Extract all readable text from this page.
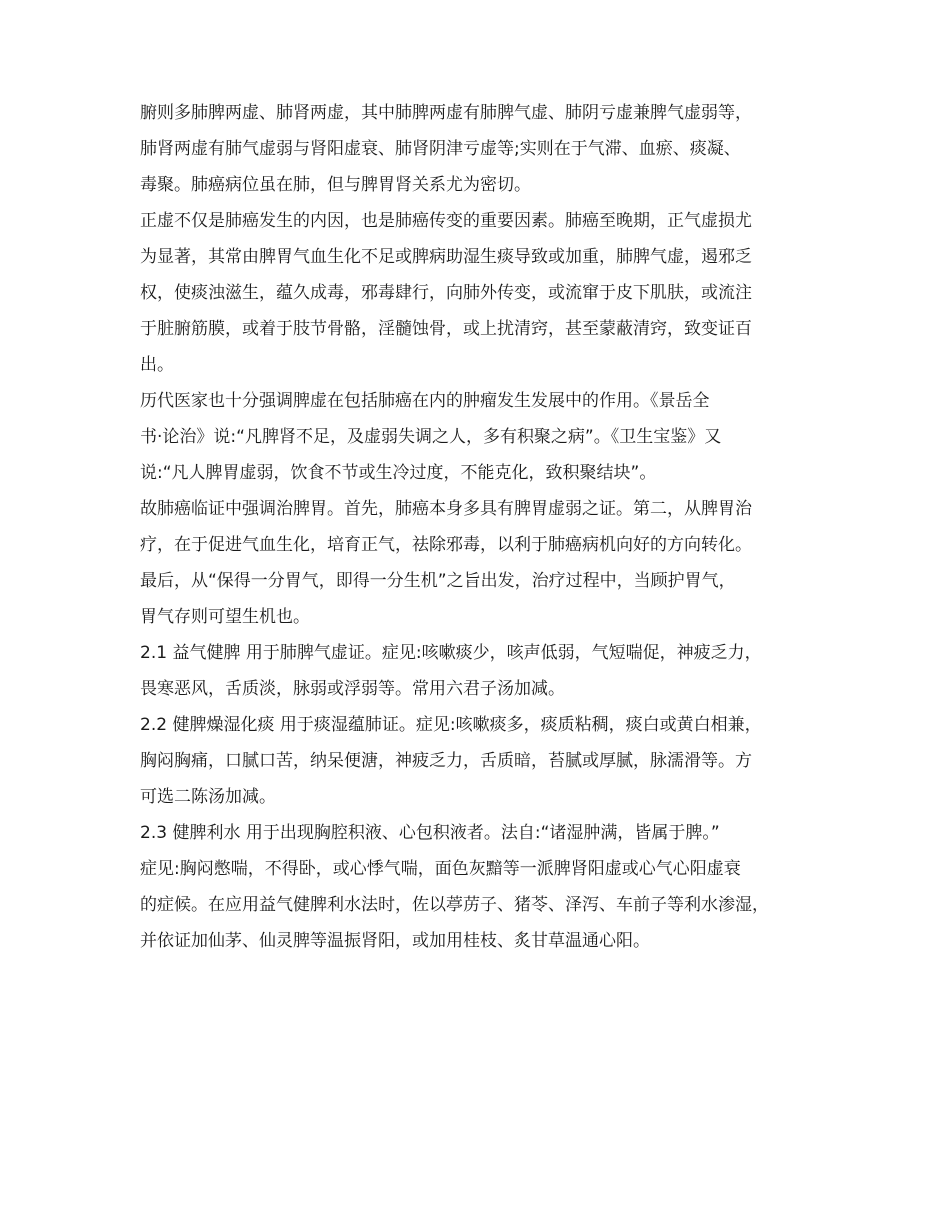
腑则多肺脾两虚、肺肾两虚，其中肺脾两虚有肺脾气虚、肺阴亏虚兼脾气虚弱等，
肺肾两虚有肺气虚弱与肾阳虚衰、肺肾阴津亏虚等;实则在于气滞、血瘀、痰凝、
毒聚。肺癌病位虽在肺，但与脾胃肾关系尤为密切。
正虚不仅是肺癌发生的内因，也是肺癌传变的重要因素。肺癌至晚期，正气虚损尤
为显著，其常由脾胃气血生化不足或脾病助湿生痰导致或加重，肺脾气虚，遏邪乏
权，使痰浊滋生，蕴久成毒，邪毒肆行，向肺外传变，或流窜于皮下肌肤，或流注
于脏腑筋膜，或着于肢节骨骼，淫髓蚀骨，或上扰清窍，甚至蒙蔽清窍，致变证百
出。
历代医家也十分强调脾虚在包括肺癌在内的肿瘤发生发展中的作用。《景岳全
书·论治》说:“凡脾肾不足，及虚弱失调之人，多有积聚之病”。《卫生宝鉴》又
说:“凡人脾胃虚弱，饮食不节或生冷过度，不能克化，致积聚结块”。
故肺癌临证中强调治脾胃。首先，肺癌本身多具有脾胃虚弱之证。第二，从脾胃治
疗，在于促进气血生化，培育正气，祛除邪毒，以利于肺癌病机向好的方向转化。
最后，从“保得一分胃气，即得一分生机”之旨出发，治疗过程中，当顾护胃气，
胃气存则可望生机也。
2.1 益气健脾 用于肺脾气虚证。症见:咳嗽痰少，咳声低弱，气短喘促，神疲乏力，
畏寒恶风，舌质淡，脉弱或浮弱等。常用六君子汤加减。
2.2 健脾燥湿化痰 用于痰湿蕴肺证。症见:咳嗽痰多，痰质粘稠，痰白或黄白相兼，
胸闷胸痛，口腻口苦，纳呆便溏，神疲乏力，舌质暗，苔腻或厚腻，脉濡滑等。方
可选二陈汤加减。
2.3 健脾利水 用于出现胸腔积液、心包积液者。法自:“诸湿肿满，皆属于脾。”
症见:胸闷憋喘，不得卧，或心悸气喘，面色灰黯等一派脾肾阳虚或心气心阳虚衰
的症候。在应用益气健脾利水法时，佐以葶苈子、猪苓、泽泻、车前子等利水渗湿，
并依证加仙茅、仙灵脾等温振肾阳，或加用桂枝、炙甘草温通心阳。
